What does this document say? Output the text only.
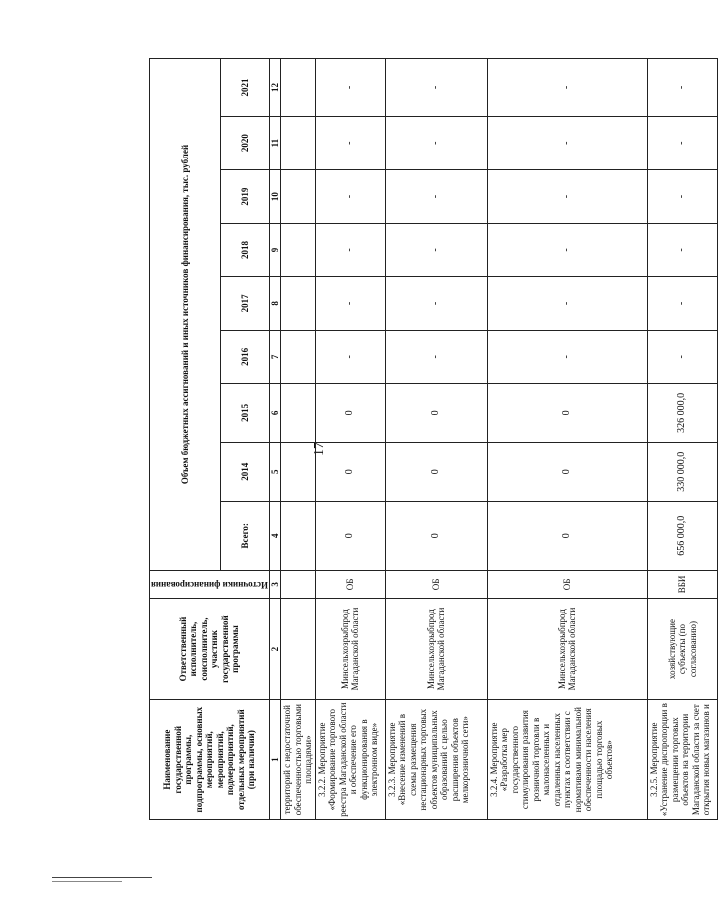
17
Наименование государственной программы, подпрограммы, основных мероприятий, мероприятий, подмероприятий, отдельных мероприятий (при наличии)	Ответственный исполнитель, соисполнитель, участник государственной программы	Источники финансирования	Объем бюджетных ассигнований и иных источников финансирования, тыс. рублей								
			Всего:	2014	2015	2016	2017	2018	2019	2020	2021
1	2	3	4	5	6	7	8	9	10	11	12
территорий с недостаточной обеспеченностью торговыми площадями»											
3.2.2. Мероприятие «Формирование торгового реестра Магаданской области и обеспечение его функционирования в электронном виде»	Минсельхозрыбпрод Магаданской области	ОБ	0	0	0	-	-	-	-	-	-
3.2.3. Мероприятие «Внесение изменений в схемы размещения нестационарных торговых объектов муниципальных образований с целью расширения объектов мелкорозничной сети»	Минсельхозрыбпрод Магаданской области	ОБ	0	0	0	-	-	-	-	-	-
3.2.4. Мероприятие «Разработка мер государственного стимулирования развития розничной торговли в малонаселенных и отдаленных населенных пунктах в соответствии с нормативами минимальной обеспеченности населения площадью торговых объектов»	Минсельхозрыбпрод Магаданской области	ОБ	0	0	0	-	-	-	-	-	-
3.2.5. Мероприятие «Устранение диспропорции в размещении торговых объектов на территории Магаданской области за счет открытия новых магазинов и	хозяйствующие субъекты (по согласованию)	ВБИ	656 000,0	330 000,0	326 000,0	-	-	-	-	-	-
